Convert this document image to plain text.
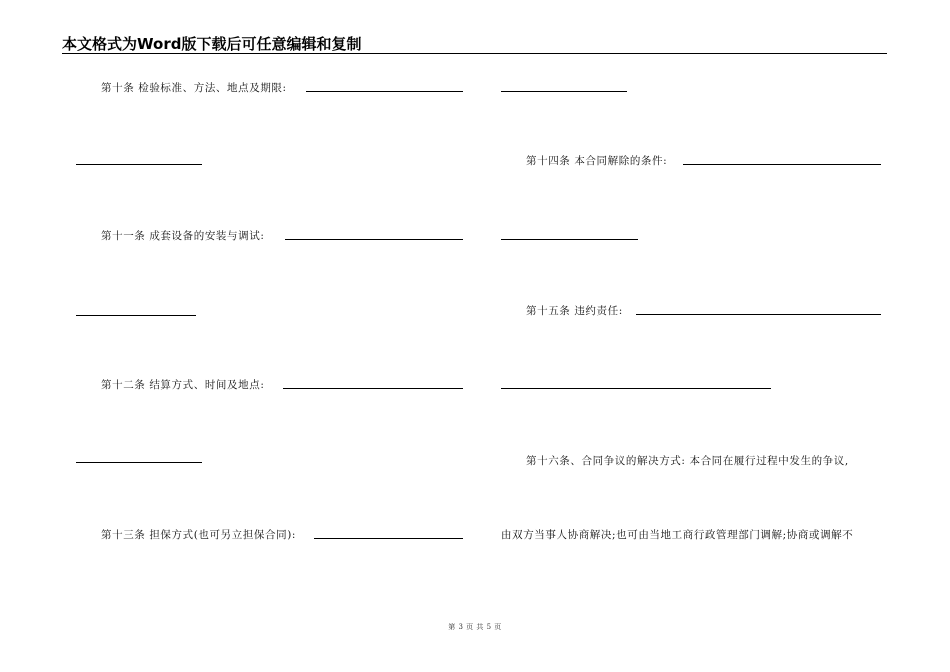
本文格式为Word版下载后可任意编辑和复制
第十条 检验标准、方法、地点及期限:
第十一条 成套设备的安装与调试:
第十二条 结算方式、时间及地点:
第十三条 担保方式(也可另立担保合同):
第十四条 本合同解除的条件:
第十五条 违约责任:
第十六条、合同争议的解决方式: 本合同在履行过程中发生的争议,
由双方当事人协商解决;也可由当地工商行政管理部门调解;协商或调解不
第 3 页 共 5 页
